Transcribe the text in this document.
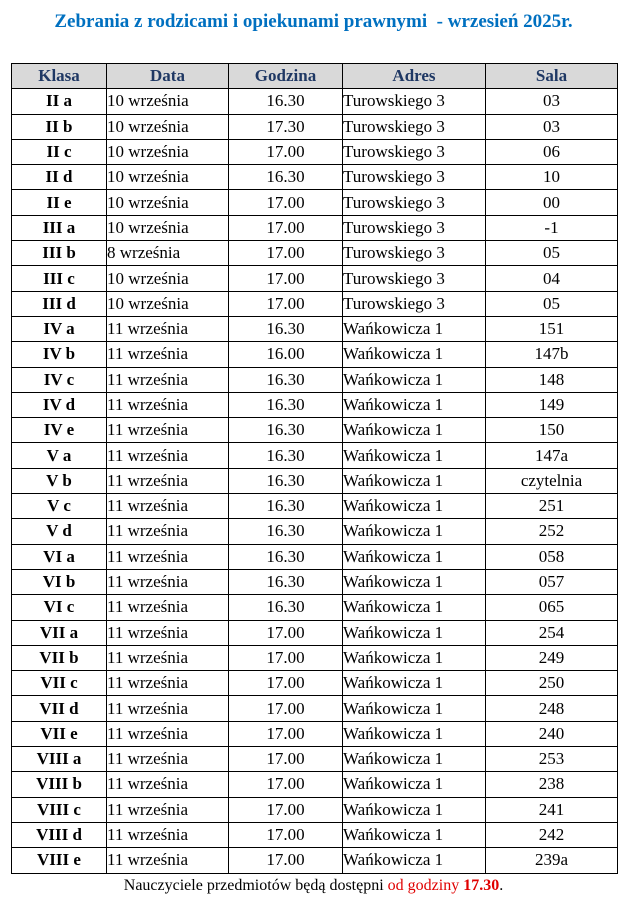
Zebrania z rodzicami i opiekunami prawnymi  - wrzesień 2025r.
Klasa	Data	Godzina	Adres	Sala
II a	10 września	16.30	Turowskiego 3	03
II b	10 września	17.30	Turowskiego 3	03
II c	10 września	17.00	Turowskiego 3	06
II d	10 września	16.30	Turowskiego 3	10
II e	10 września	17.00	Turowskiego 3	00
III a	10 września	17.00	Turowskiego 3	-1
III b	8 września	17.00	Turowskiego 3	05
III c	10 września	17.00	Turowskiego 3	04
III d	10 września	17.00	Turowskiego 3	05
IV a	11 września	16.30	Wańkowicza 1	151
IV b	11 września	16.00	Wańkowicza 1	147b
IV c	11 września	16.30	Wańkowicza 1	148
IV d	11 września	16.30	Wańkowicza 1	149
IV e	11 września	16.30	Wańkowicza 1	150
V a	11 września	16.30	Wańkowicza 1	147a
V b	11 września	16.30	Wańkowicza 1	czytelnia
V c	11 września	16.30	Wańkowicza 1	251
V d	11 września	16.30	Wańkowicza 1	252
VI a	11 września	16.30	Wańkowicza 1	058
VI b	11 września	16.30	Wańkowicza 1	057
VI c	11 września	16.30	Wańkowicza 1	065
VII a	11 września	17.00	Wańkowicza 1	254
VII b	11 września	17.00	Wańkowicza 1	249
VII c	11 września	17.00	Wańkowicza 1	250
VII d	11 września	17.00	Wańkowicza 1	248
VII e	11 września	17.00	Wańkowicza 1	240
VIII a	11 września	17.00	Wańkowicza 1	253
VIII b	11 września	17.00	Wańkowicza 1	238
VIII c	11 września	17.00	Wańkowicza 1	241
VIII d	11 września	17.00	Wańkowicza 1	242
VIII e	11 września	17.00	Wańkowicza 1	239a
Nauczyciele przedmiotów będą dostępni od godziny 17.30.
